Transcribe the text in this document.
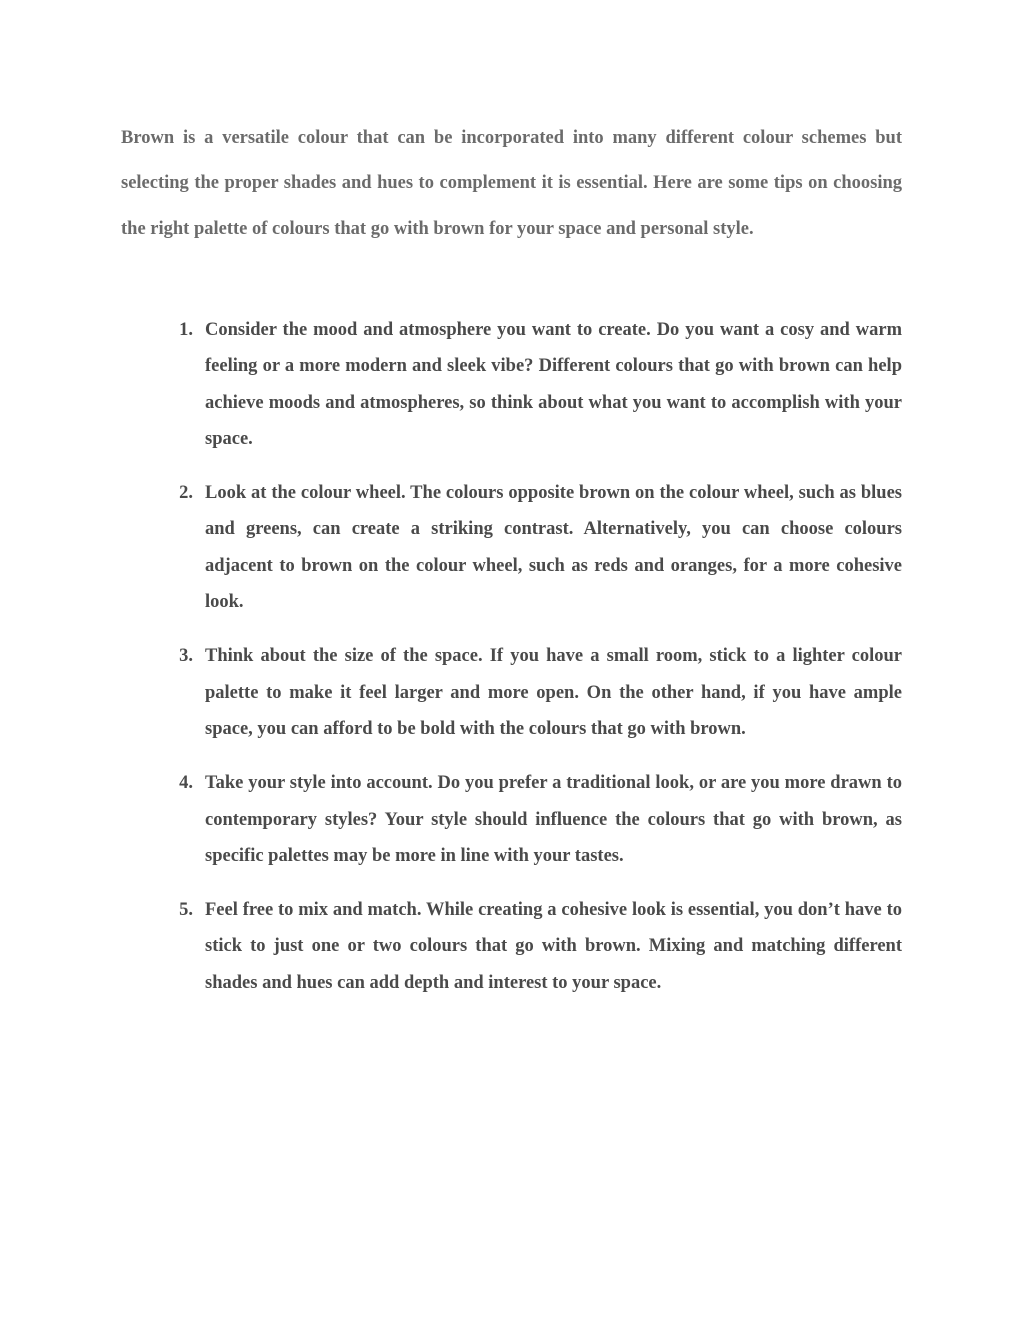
Brown is a versatile colour that can be incorporated into many different colour schemes but selecting the proper shades and hues to complement it is essential. Here are some tips on choosing the right palette of colours that go with brown for your space and personal style.

1. Consider the mood and atmosphere you want to create. Do you want a cosy and warm feeling or a more modern and sleek vibe? Different colours that go with brown can help achieve moods and atmospheres, so think about what you want to accomplish with your space.
2. Look at the colour wheel. The colours opposite brown on the colour wheel, such as blues and greens, can create a striking contrast. Alternatively, you can choose colours adjacent to brown on the colour wheel, such as reds and oranges, for a more cohesive look.
3. Think about the size of the space. If you have a small room, stick to a lighter colour palette to make it feel larger and more open. On the other hand, if you have ample space, you can afford to be bold with the colours that go with brown.
4. Take your style into account. Do you prefer a traditional look, or are you more drawn to contemporary styles? Your style should influence the colours that go with brown, as specific palettes may be more in line with your tastes.
5. Feel free to mix and match. While creating a cohesive look is essential, you don’t have to stick to just one or two colours that go with brown. Mixing and matching different shades and hues can add depth and interest to your space.
